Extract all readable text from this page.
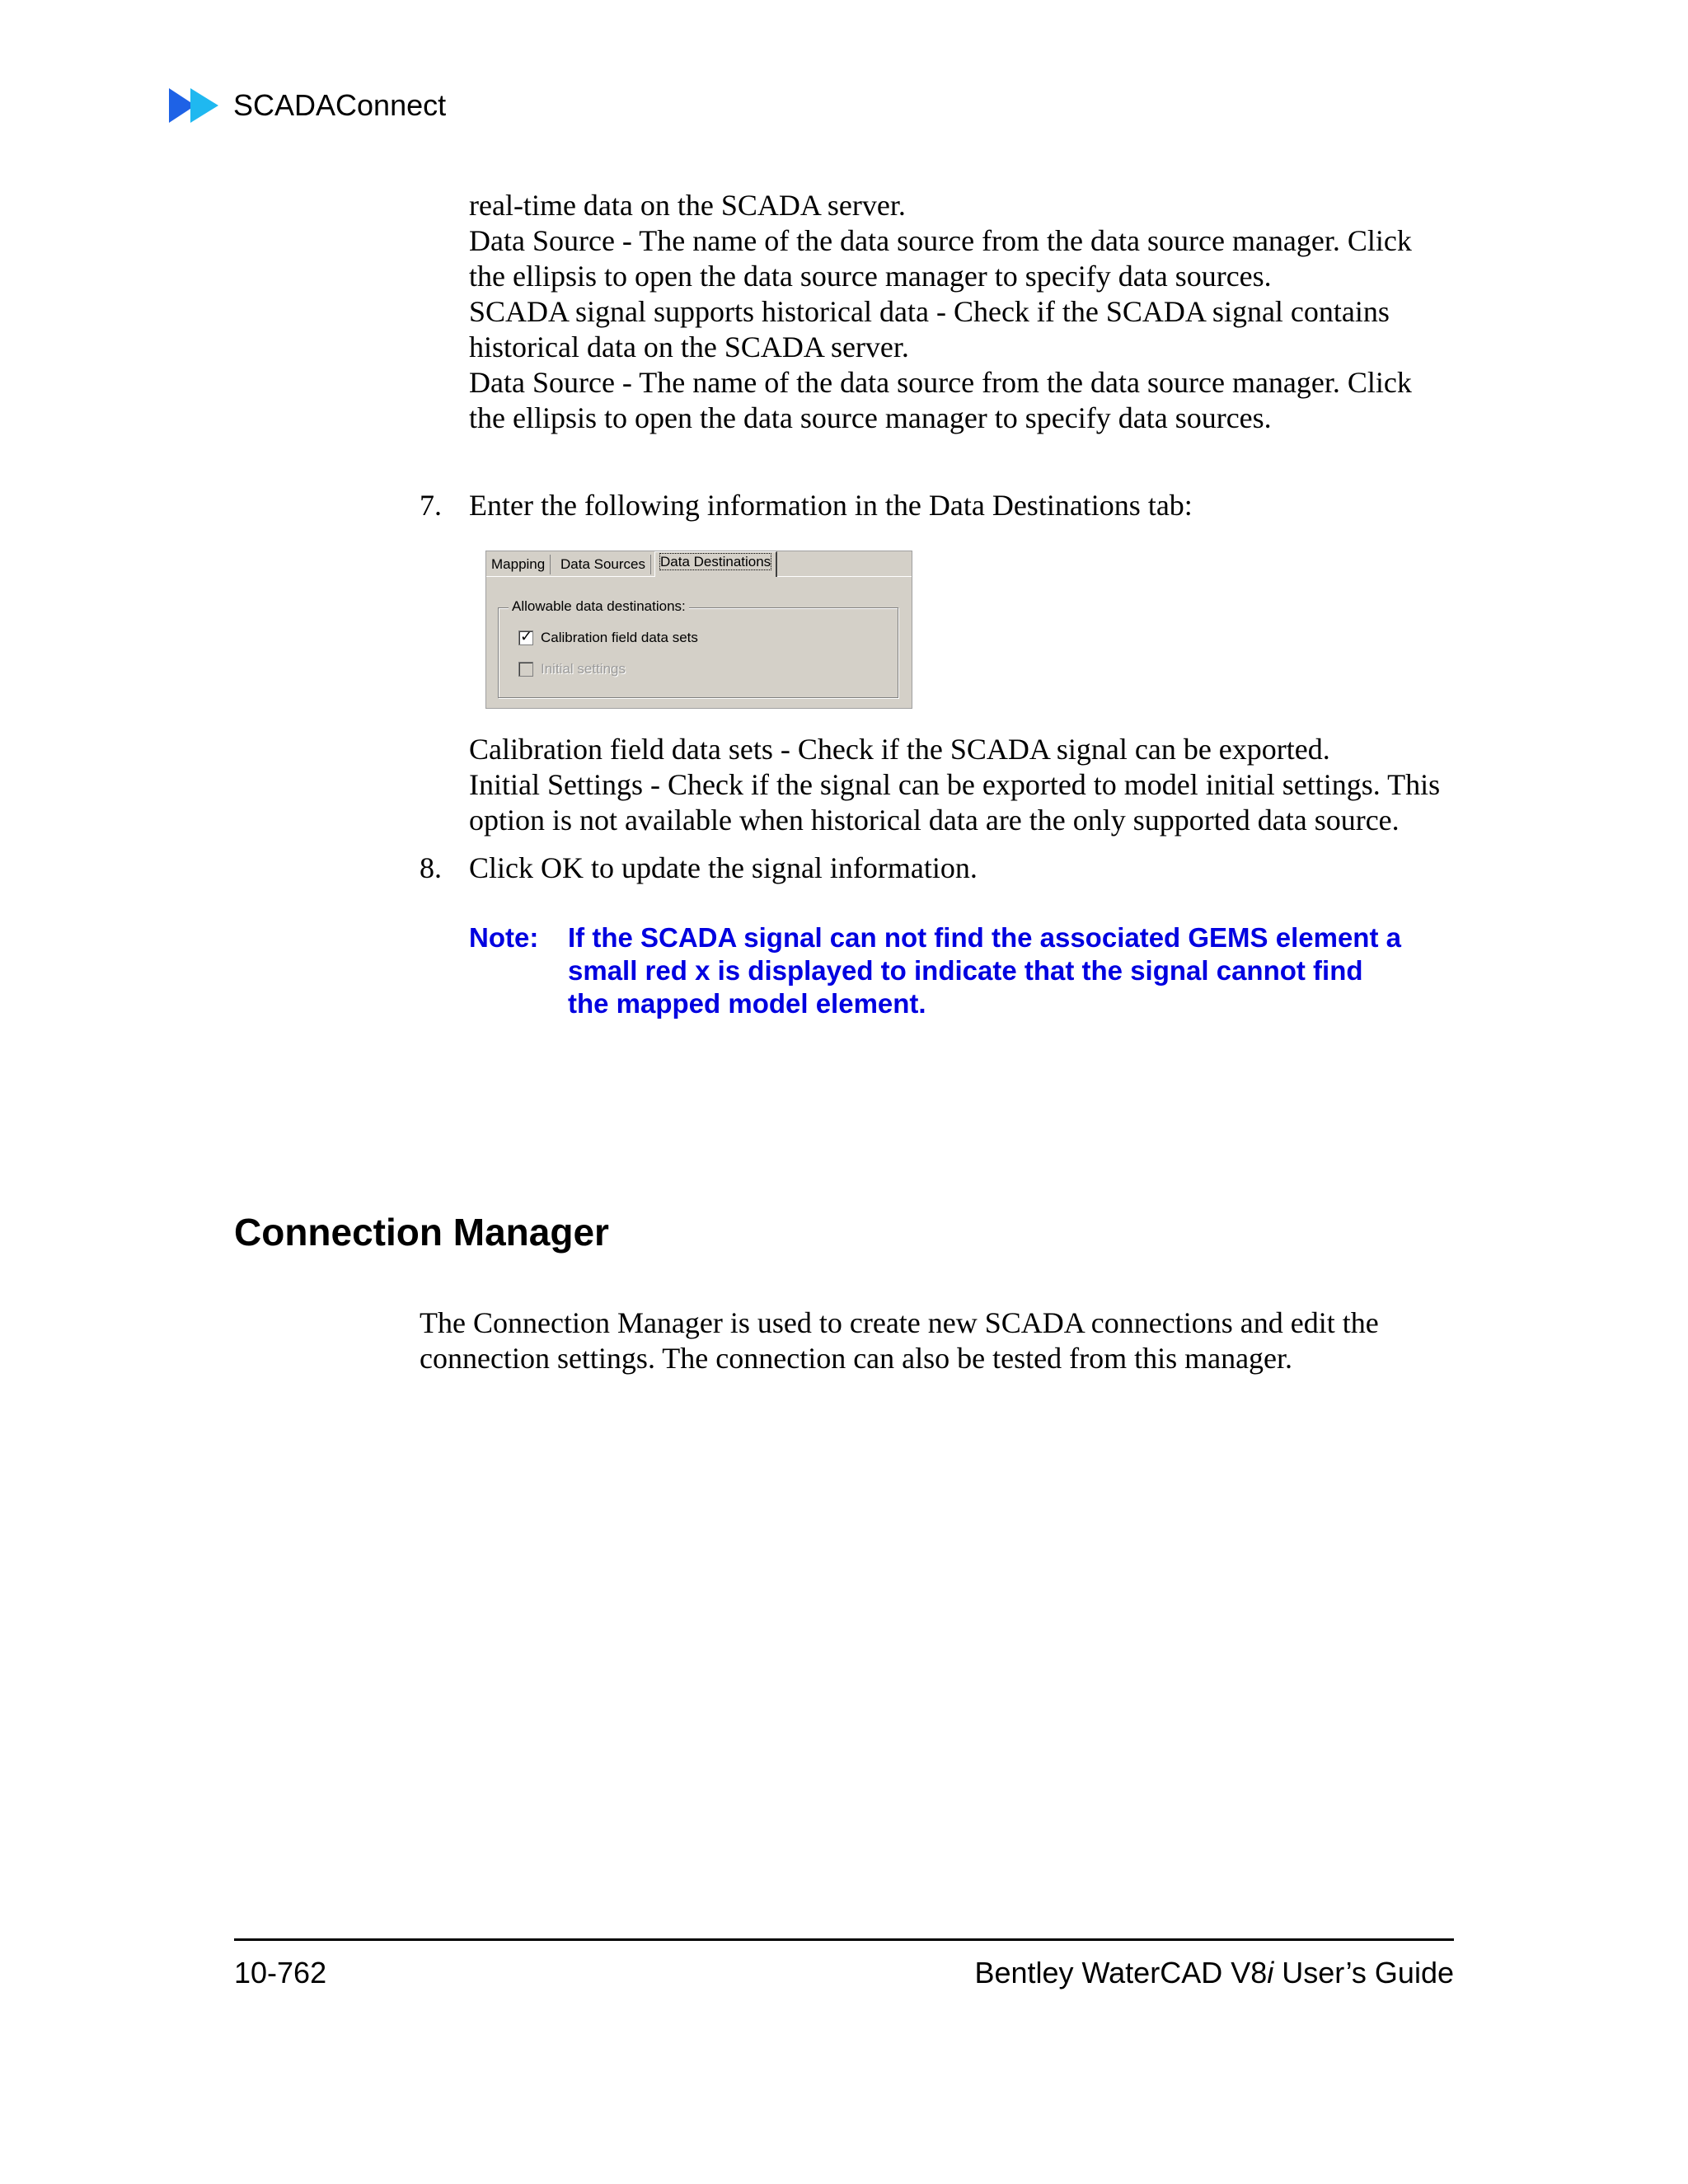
SCADAConnect
real-time data on the SCADA server.
Data Source - The name of the data source from the data source manager. Click
the ellipsis to open the data source manager to specify data sources.
SCADA signal supports historical data - Check if the SCADA signal contains
historical data on the SCADA server.
Data Source - The name of the data source from the data source manager. Click
the ellipsis to open the data source manager to specify data sources.
7. Enter the following information in the Data Destinations tab:
Mapping	Data Sources	Data Destinations
Allowable data destinations:
✓ Calibration field data sets
Initial settings
Calibration field data sets - Check if the SCADA signal can be exported.
Initial Settings - Check if the signal can be exported to model initial settings. This
option is not available when historical data are the only supported data source.
8. Click OK to update the signal information.
Note:	If the SCADA signal can not find the associated GEMS element a
small red x is displayed to indicate that the signal cannot find
the mapped model element.
Connection Manager
The Connection Manager is used to create new SCADA connections and edit the
connection settings. The connection can also be tested from this manager.
10-762	Bentley WaterCAD V8i User’s Guide
